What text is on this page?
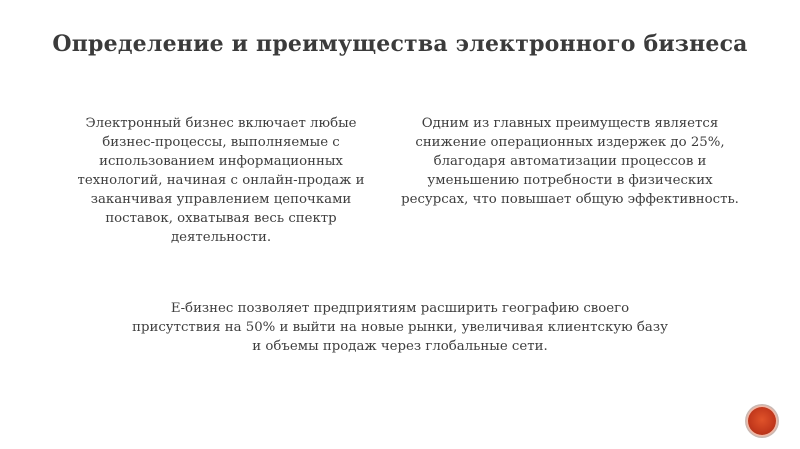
Определение и преимущества электронного бизнеса
Электронный бизнес включает любые бизнес-процессы, выполняемые с использованием информационных технологий, начиная с онлайн-продаж и заканчивая управлением цепочками поставок, охватывая весь спектр деятельности.
Одним из главных преимуществ является снижение операционных издержек до 25%, благодаря автоматизации процессов и уменьшению потребности в физических ресурсах, что повышает общую эффективность.
Е-бизнес позволяет предприятиям расширить географию своего присутствия на 50% и выйти на новые рынки, увеличивая клиентскую базу и объемы продаж через глобальные сети.
